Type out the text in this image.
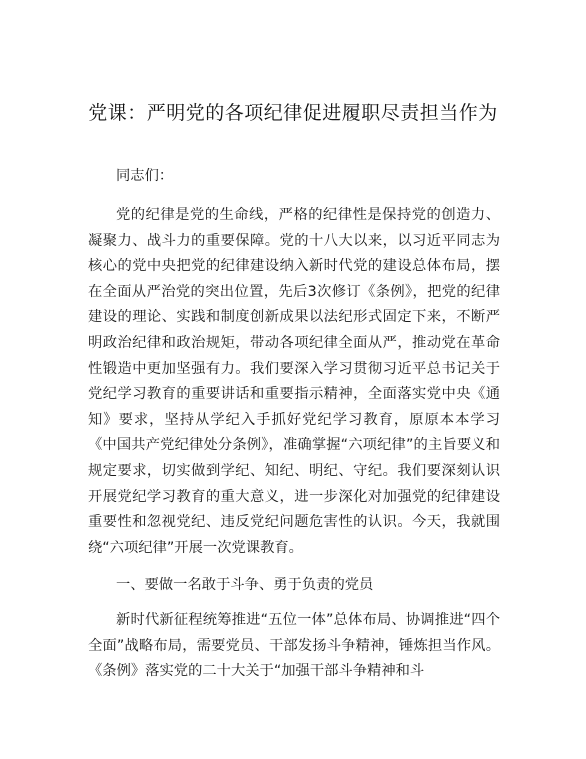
党课：严明党的各项纪律促进履职尽责担当作为
同志们：
党的纪律是党的生命线，严格的纪律性是保持党的创造力、凝聚力、战斗力的重要保障。党的十八大以来，以习近平同志为核心的党中央把党的纪律建设纳入新时代党的建设总体布局，摆在全面从严治党的突出位置，先后3次修订《条例》，把党的纪律建设的理论、实践和制度创新成果以法纪形式固定下来，不断严明政治纪律和政治规矩，带动各项纪律全面从严，推动党在革命性锻造中更加坚强有力。我们要深入学习贯彻习近平总书记关于党纪学习教育的重要讲话和重要指示精神，全面落实党中央《通知》要求，坚持从学纪入手抓好党纪学习教育，原原本本学习《中国共产党纪律处分条例》，准确掌握“六项纪律”的主旨要义和规定要求，切实做到学纪、知纪、明纪、守纪。我们要深刻认识开展党纪学习教育的重大意义，进一步深化对加强党的纪律建设重要性和忽视党纪、违反党纪问题危害性的认识。今天，我就围绕“六项纪律”开展一次党课教育。
一、要做一名敢于斗争、勇于负责的党员
新时代新征程统筹推进“五位一体”总体布局、协调推进“四个全面”战略布局，需要党员、干部发扬斗争精神，锤炼担当作风。《条例》落实党的二十大关于“加强干部斗争精神和斗
